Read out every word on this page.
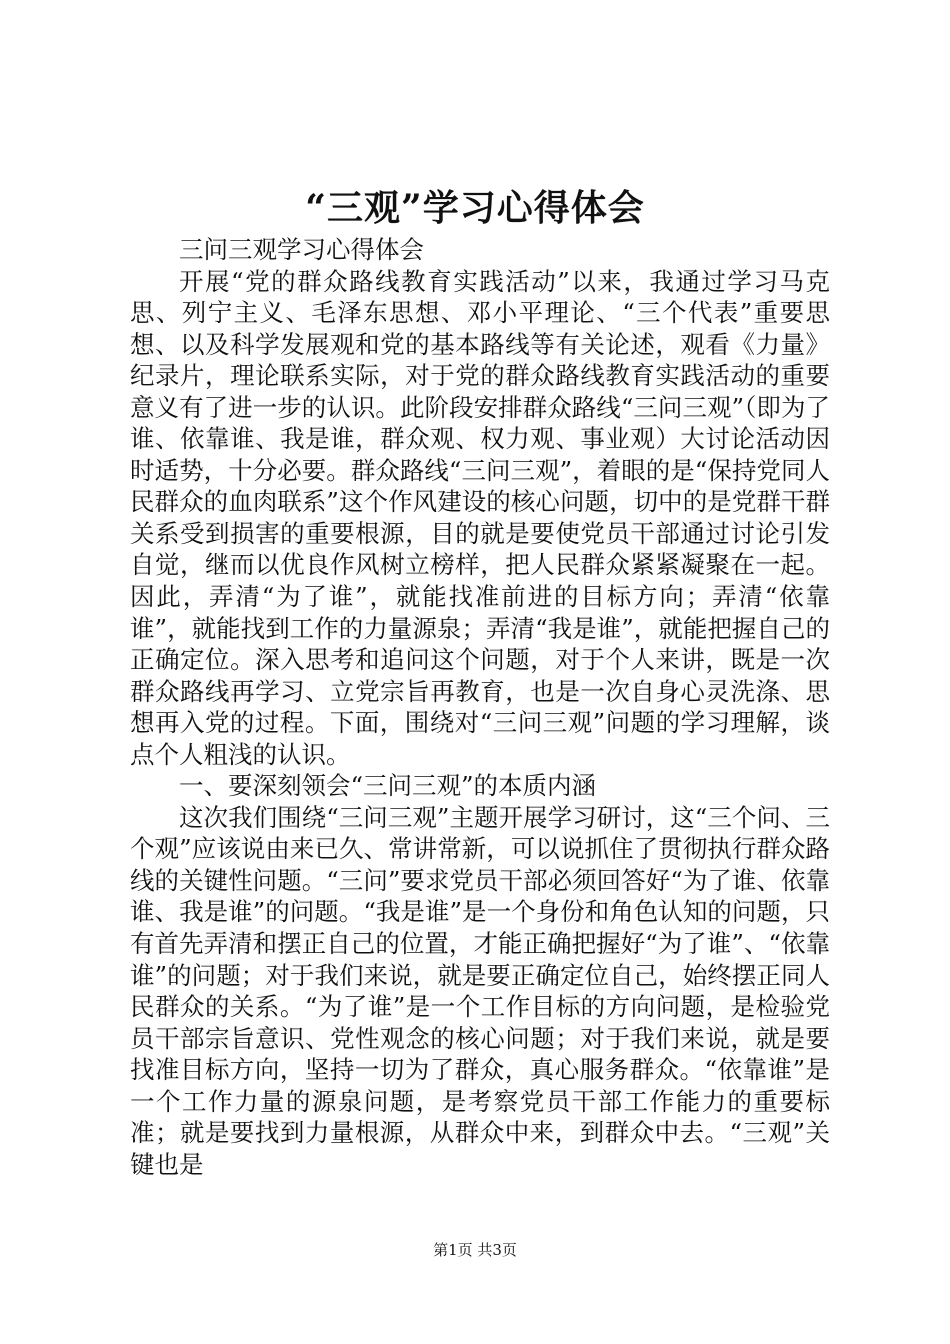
“三观”学习心得体会

三问三观学习心得体会

开展“党的群众路线教育实践活动”以来，我通过学习马克思、列宁主义、毛泽东思想、邓小平理论、“三个代表”重要思想、以及科学发展观和党的基本路线等有关论述，观看《力量》纪录片，理论联系实际，对于党的群众路线教育实践活动的重要意义有了进一步的认识。此阶段安排群众路线“三问三观”（即为了谁、依靠谁、我是谁，群众观、权力观、事业观）大讨论活动因时适势，十分必要。群众路线“三问三观”，着眼的是“保持党同人民群众的血肉联系”这个作风建设的核心问题，切中的是党群干群关系受到损害的重要根源，目的就是要使党员干部通过讨论引发自觉，继而以优良作风树立榜样，把人民群众紧紧凝聚在一起。因此，弄清“为了谁”，就能找准前进的目标方向；弄清“依靠谁”，就能找到工作的力量源泉；弄清“我是谁”，就能把握自己的正确定位。深入思考和追问这个问题，对于个人来讲，既是一次群众路线再学习、立党宗旨再教育，也是一次自身心灵洗涤、思想再入党的过程。下面，围绕对“三问三观”问题的学习理解，谈点个人粗浅的认识。

一、要深刻领会“三问三观”的本质内涵

这次我们围绕“三问三观”主题开展学习研讨，这“三个问、三个观”应该说由来已久、常讲常新，可以说抓住了贯彻执行群众路线的关键性问题。“三问”要求党员干部必须回答好“为了谁、依靠谁、我是谁”的问题。“我是谁”是一个身份和角色认知的问题，只有首先弄清和摆正自己的位置，才能正确把握好“为了谁”、“依靠谁”的问题；对于我们来说，就是要正确定位自己，始终摆正同人民群众的关系。“为了谁”是一个工作目标的方向问题，是检验党员干部宗旨意识、党性观念的核心问题；对于我们来说，就是要找准目标方向，坚持一切为了群众，真心服务群众。“依靠谁”是一个工作力量的源泉问题，是考察党员干部工作能力的重要标准；就是要找到力量根源，从群众中来，到群众中去。“三观”关键也是

第1页 共3页
